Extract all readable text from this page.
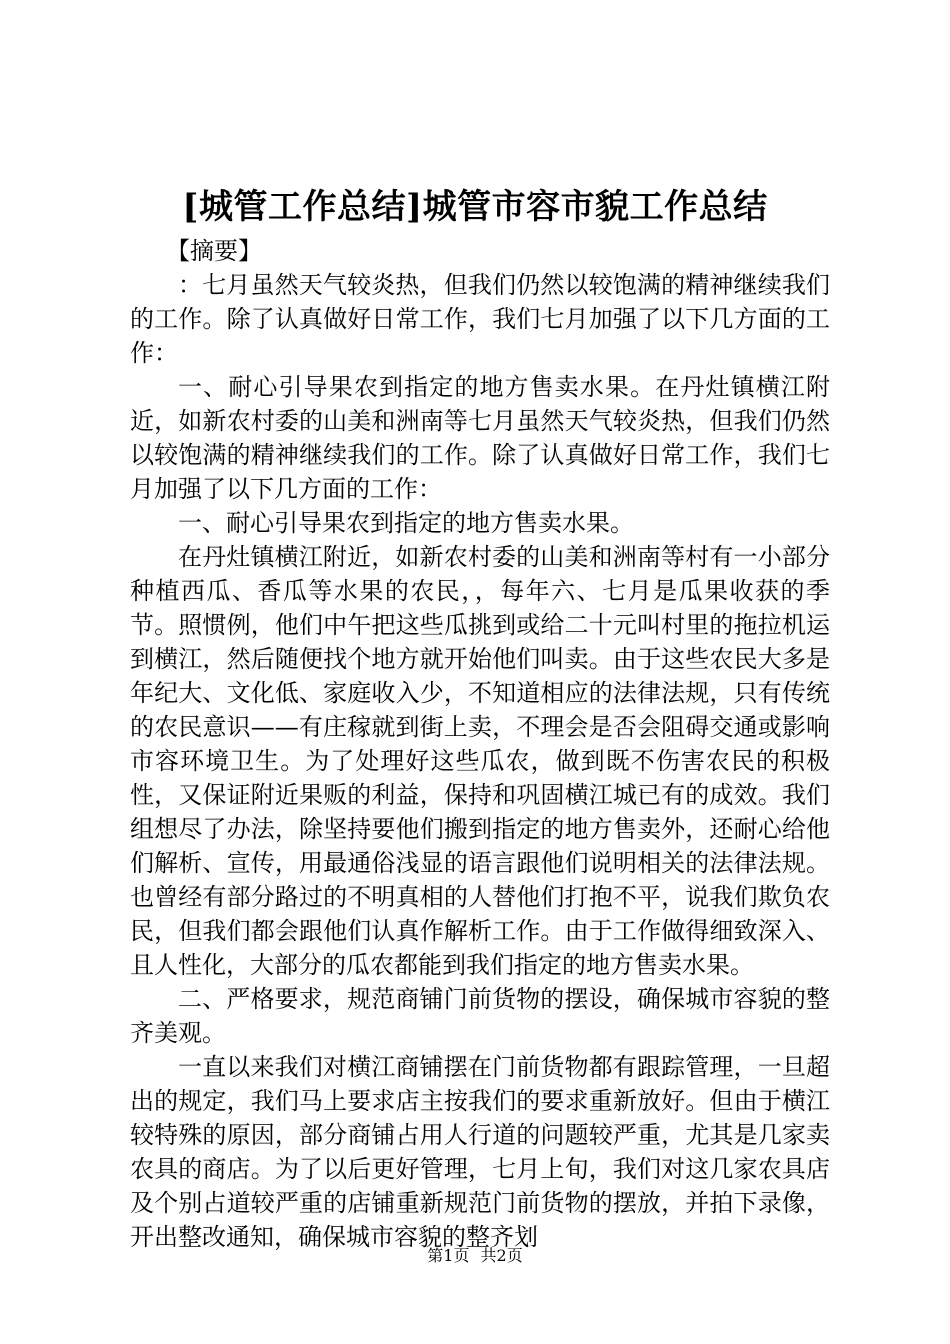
[城管工作总结]城管市容市貌工作总结

【摘要】

：七月虽然天气较炎热，但我们仍然以较饱满的精神继续我们的工作。除了认真做好日常工作，我们七月加强了以下几方面的工作：

一、耐心引导果农到指定的地方售卖水果。在丹灶镇横江附近，如新农村委的山美和洲南等七月虽然天气较炎热，但我们仍然以较饱满的精神继续我们的工作。除了认真做好日常工作，我们七月加强了以下几方面的工作：

一、耐心引导果农到指定的地方售卖水果。

在丹灶镇横江附近，如新农村委的山美和洲南等村有一小部分种植西瓜、香瓜等水果的农民，，每年六、七月是瓜果收获的季节。照惯例，他们中午把这些瓜挑到或给二十元叫村里的拖拉机运到横江，然后随便找个地方就开始他们叫卖。由于这些农民大多是年纪大、文化低、家庭收入少，不知道相应的法律法规，只有传统的农民意识——有庄稼就到街上卖，不理会是否会阻碍交通或影响市容环境卫生。为了处理好这些瓜农，做到既不伤害农民的积极性，又保证附近果贩的利益，保持和巩固横江城已有的成效。我们组想尽了办法，除坚持要他们搬到指定的地方售卖外，还耐心给他们解析、宣传，用最通俗浅显的语言跟他们说明相关的法律法规。也曾经有部分路过的不明真相的人替他们打抱不平，说我们欺负农民，但我们都会跟他们认真作解析工作。由于工作做得细致深入、且人性化，大部分的瓜农都能到我们指定的地方售卖水果。

二、严格要求，规范商铺门前货物的摆设，确保城市容貌的整齐美观。

一直以来我们对横江商铺摆在门前货物都有跟踪管理，一旦超出的规定，我们马上要求店主按我们的要求重新放好。但由于横江较特殊的原因，部分商铺占用人行道的问题较严重，尤其是几家卖农具的商店。为了以后更好管理，七月上旬，我们对这几家农具店及个别占道较严重的店铺重新规范门前货物的摆放，并拍下录像，开出整改通知，确保城市容貌的整齐划

第1页 共2页
